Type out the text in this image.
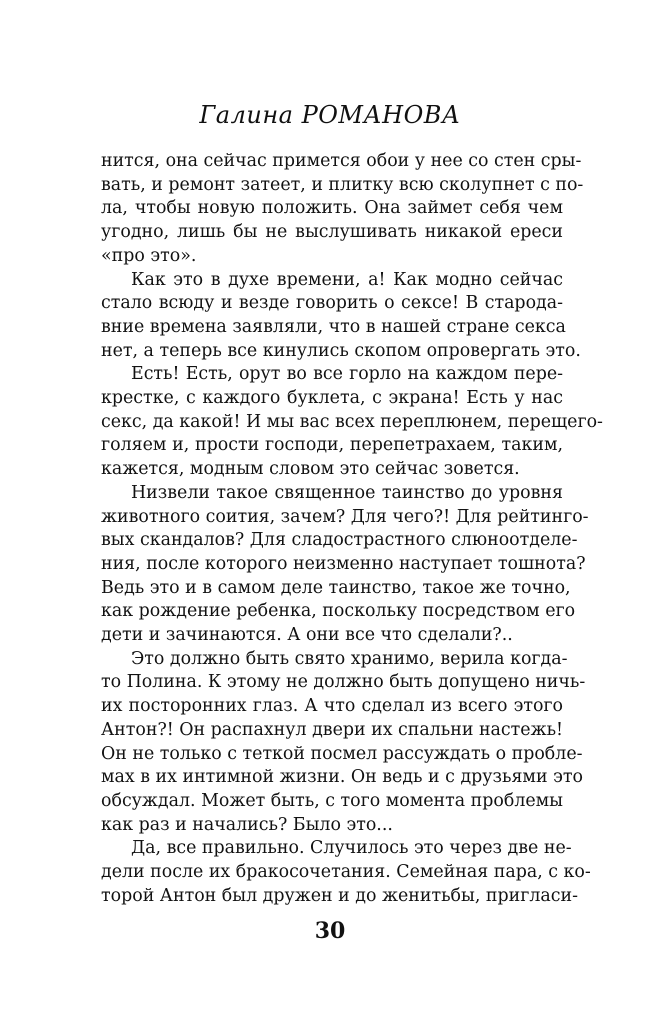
Галина РОМАНОВА
нится, она сейчас примется обои у нее со стен сры-
вать, и ремонт затеет, и плитку всю сколупнет с по-
ла, чтобы новую положить. Она займет себя чем
угодно, лишь бы не выслушивать никакой ереси
«про это».
Как это в духе времени, а! Как модно сейчас
стало всюду и везде говорить о сексе! В старода-
вние времена заявляли, что в нашей стране секса
нет, а теперь все кинулись скопом опровергать это.
Есть! Есть, орут во все горло на каждом пере-
крестке, с каждого буклета, с экрана! Есть у нас
секс, да какой! И мы вас всех переплюнем, перещего-
голяем и, прости господи, перепетрахаем, таким,
кажется, модным словом это сейчас зовется.
Низвели такое священное таинство до уровня
животного соития, зачем? Для чего?! Для рейтинго-
вых скандалов? Для сладострастного слюноотделе-
ния, после которого неизменно наступает тошнота?
Ведь это и в самом деле таинство, такое же точно,
как рождение ребенка, поскольку посредством его
дети и зачинаются. А они все что сделали?..
Это должно быть свято хранимо, верила когда-
то Полина. К этому не должно быть допущено ничь-
их посторонних глаз. А что сделал из всего этого
Антон?! Он распахнул двери их спальни настежь!
Он не только с теткой посмел рассуждать о пробле-
мах в их интимной жизни. Он ведь и с друзьями это
обсуждал. Может быть, с того момента проблемы
как раз и начались? Было это...
Да, все правильно. Случилось это через две не-
дели после их бракосочетания. Семейная пара, с ко-
торой Антон был дружен и до женитьбы, пригласи-
30
